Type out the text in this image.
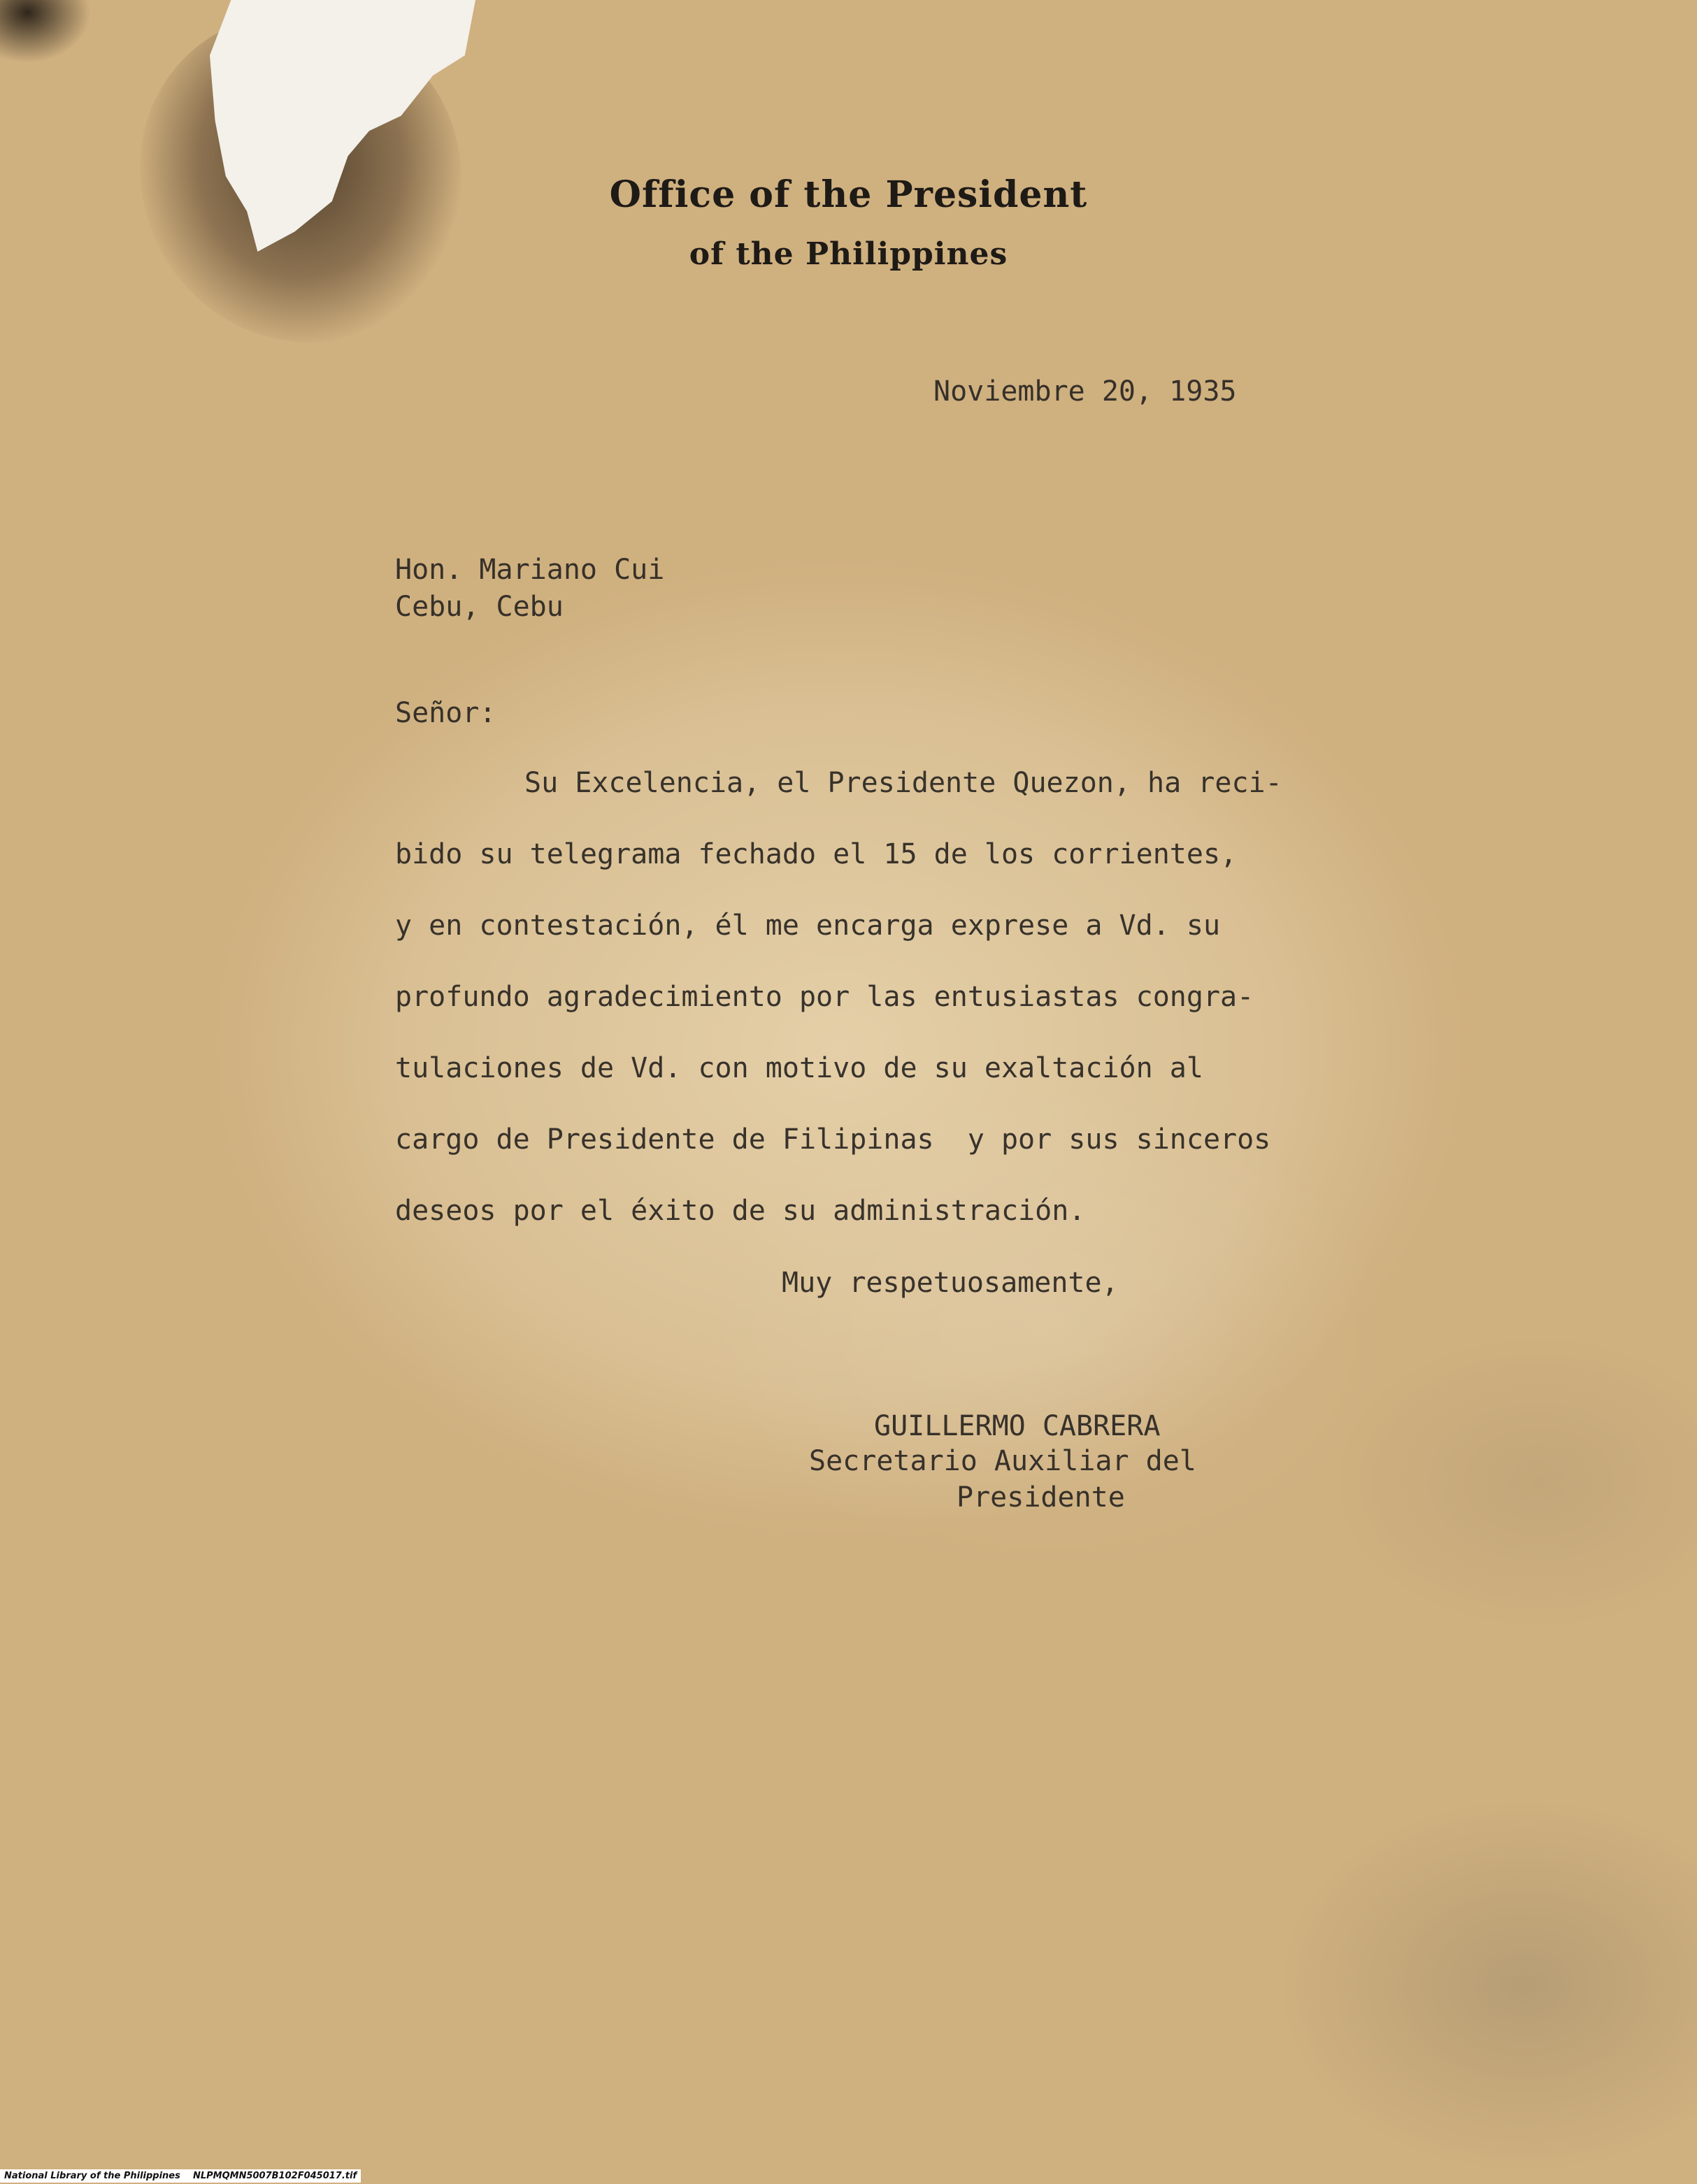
Office of the President
of the Philippines
Noviembre 20, 1935
Hon. Mariano Cui
Cebu, Cebu
Señor:
Su Excelencia, el Presidente Quezon, ha reci-
bido su telegrama fechado el 15 de los corrientes,
y en contestación, él me encarga exprese a Vd. su
profundo agradecimiento por las entusiastas congra-
tulaciones de Vd. con motivo de su exaltación al
cargo de Presidente de Filipinas  y por sus sinceros
deseos por el éxito de su administración.
Muy respetuosamente,
GUILLERMO CABRERA
Secretario Auxiliar del
Presidente
National Library of the Philippines NLPMQMN5007B102F045017.tif
